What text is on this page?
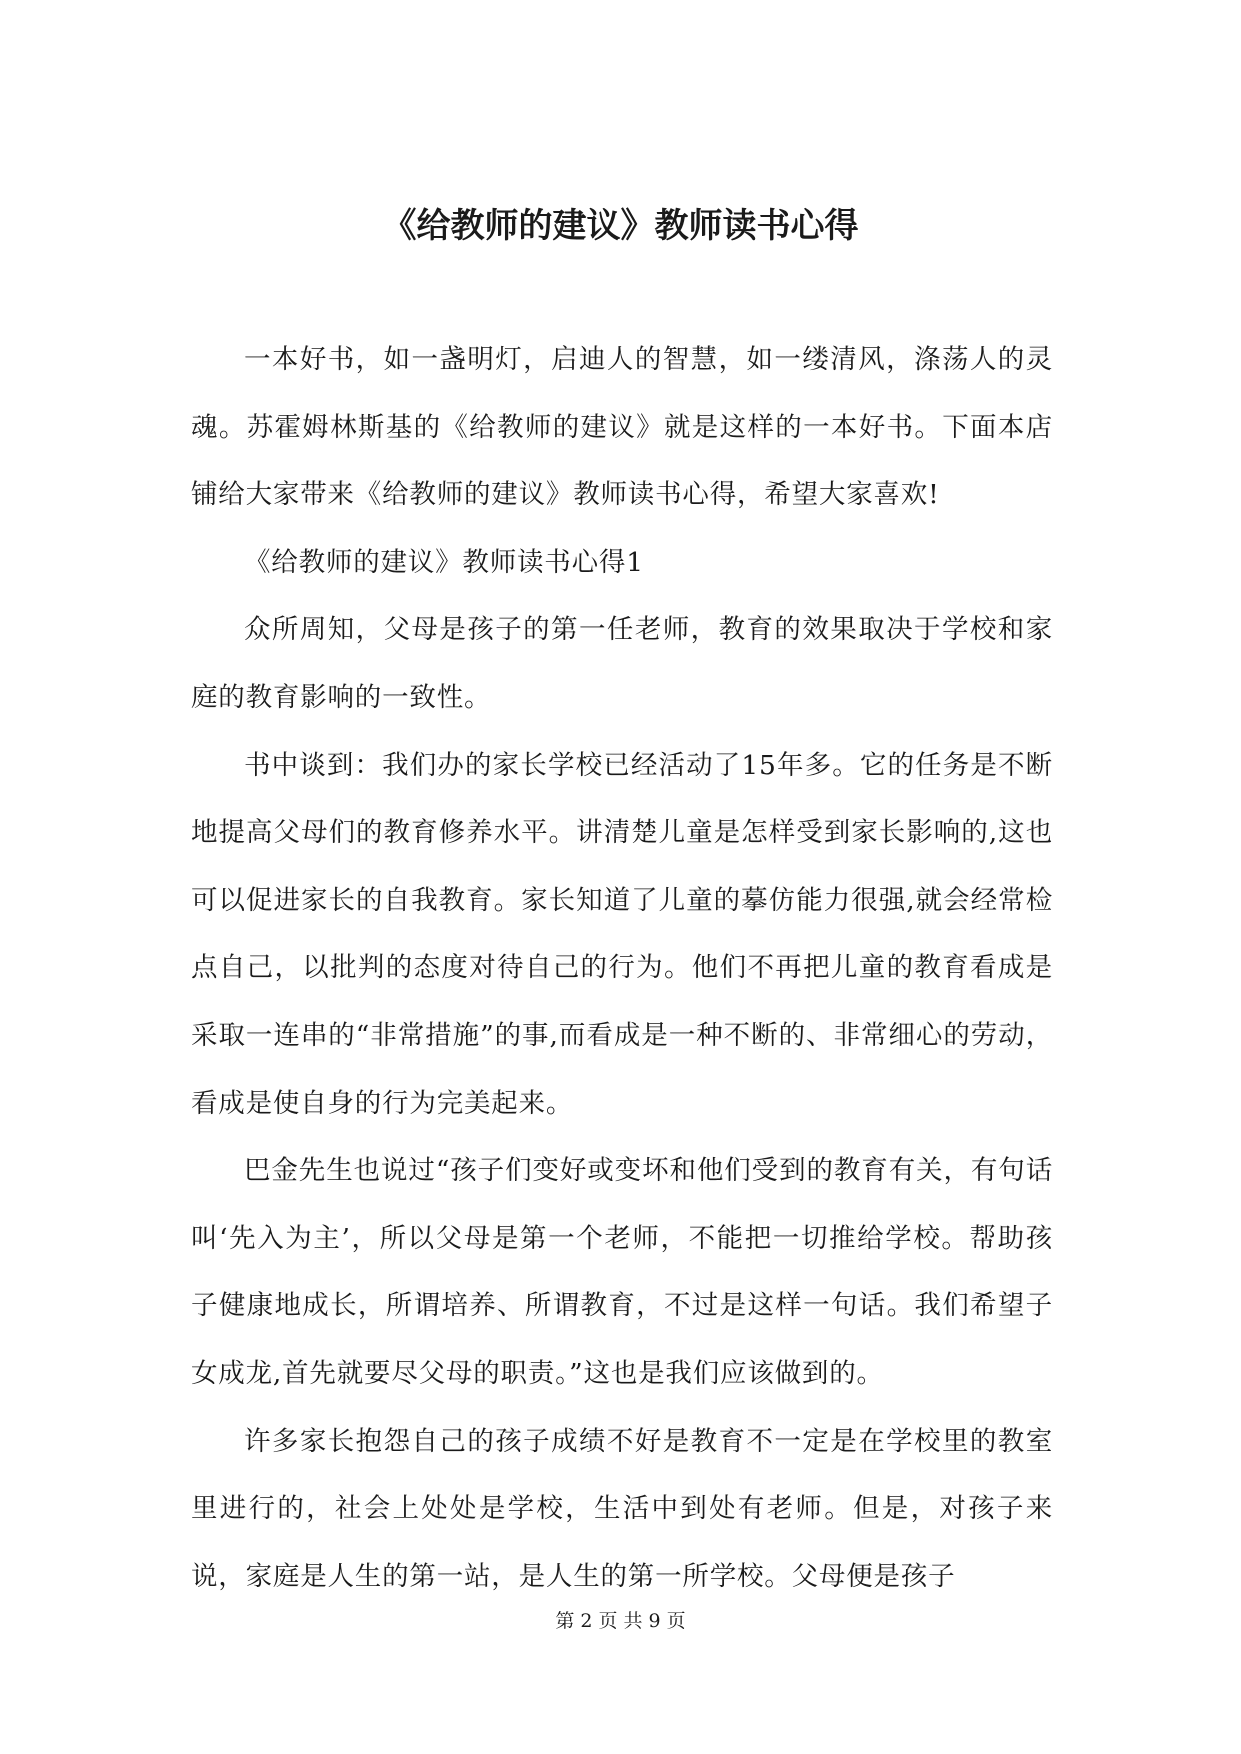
《给教师的建议》教师读书心得

一本好书，如一盏明灯，启迪人的智慧，如一缕清风，涤荡人的灵魂。苏霍姆林斯基的《给教师的建议》就是这样的一本好书。下面本店铺给大家带来《给教师的建议》教师读书心得，希望大家喜欢!

《给教师的建议》教师读书心得1

众所周知，父母是孩子的第一任老师，教育的效果取决于学校和家庭的教育影响的一致性。

书中谈到：我们办的家长学校已经活动了15年多。它的任务是不断地提高父母们的教育修养水平。讲清楚儿童是怎样受到家长影响的,这也可以促进家长的自我教育。家长知道了儿童的摹仿能力很强,就会经常检点自己，以批判的态度对待自己的行为。他们不再把儿童的教育看成是采取一连串的“非常措施”的事,而看成是一种不断的、非常细心的劳动，看成是使自身的行为完美起来。

巴金先生也说过“孩子们变好或变坏和他们受到的教育有关，有句话叫‘先入为主’，所以父母是第一个老师，不能把一切推给学校。帮助孩子健康地成长，所谓培养、所谓教育，不过是这样一句话。我们希望子女成龙,首先就要尽父母的职责。”这也是我们应该做到的。

许多家长抱怨自己的孩子成绩不好是教育不一定是在学校里的教室里进行的，社会上处处是学校，生活中到处有老师。但是，对孩子来说，家庭是人生的第一站，是人生的第一所学校。父母便是孩子

第 2 页 共 9 页
